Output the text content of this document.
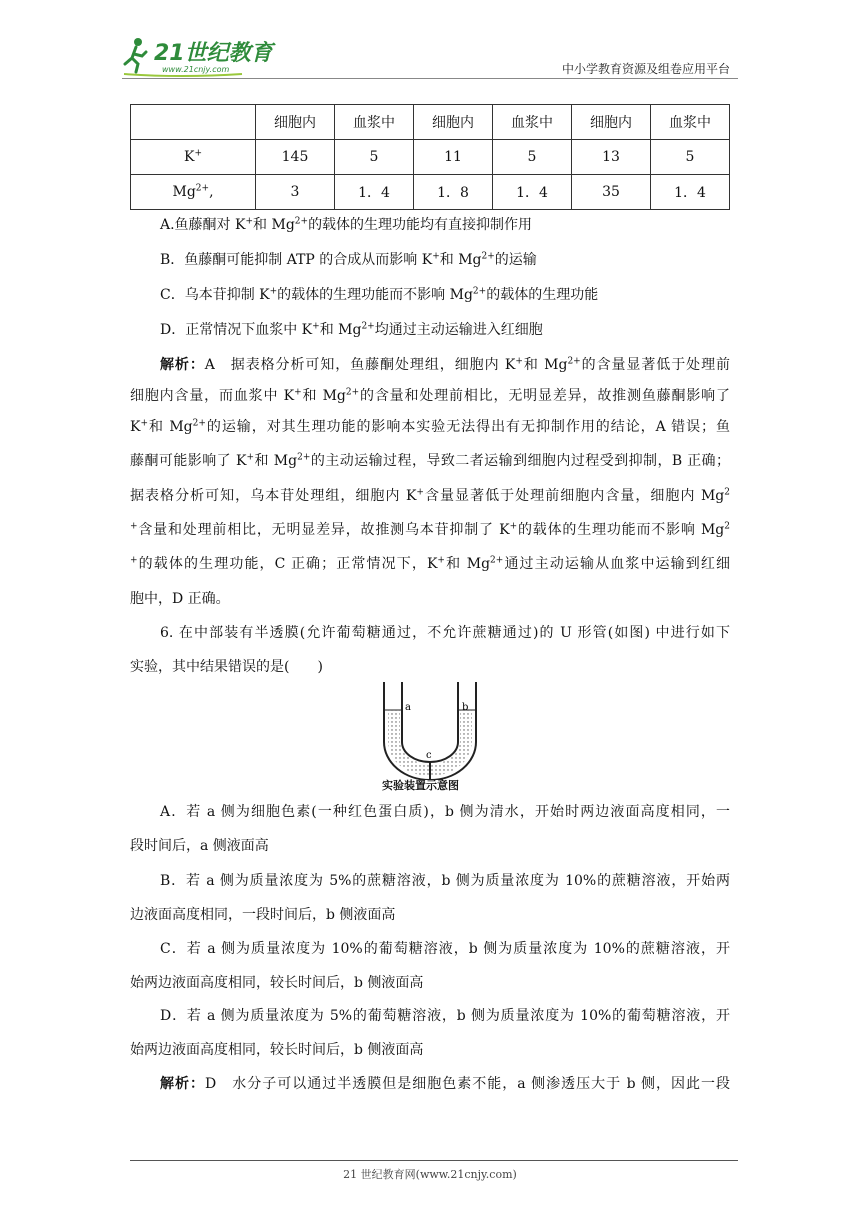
21世纪教育
www.21cnjy.com	中小学教育资源及组卷应用平台
	细胞内	血浆中	细胞内	血浆中	细胞内	血浆中
K+	145	5	11	5	13	5
$Mg^{2+}$,	3	1．4	1．8	1．4	35	1．4
A.鱼藤酮对 K+和 $Mg^{2+}$的载体的生理功能均有直接抑制作用
B．鱼藤酮可能抑制 ATP 的合成从而影响 K+和 $Mg^{2+}$的运输
C．乌本苷抑制 K+的载体的生理功能而不影响 $Mg^{2+}$的载体的生理功能
D．正常情况下血浆中 K+和 $Mg^{2+}$均通过主动运输进入红细胞
解析：A　据表格分析可知，鱼藤酮处理组，细胞内 K+和 $Mg^{2+}$的含量显著低于处理前
细胞内含量，而血浆中 K+和 $Mg^{2+}$的含量和处理前相比，无明显差异，故推测鱼藤酮影响了
K+和 $Mg^{2+}$的运输，对其生理功能的影响本实验无法得出有无抑制作用的结论，A 错误；鱼
藤酮可能影响了 K+和 $Mg^{2+}$的主动运输过程，导致二者运输到细胞内过程受到抑制，B 正确；
据表格分析可知，乌本苷处理组，细胞内 K+含量显著低于处理前细胞内含量，细胞内 Mg$^2$
+含量和处理前相比，无明显差异，故推测乌本苷抑制了 K+的载体的生理功能而不影响 Mg$^2$
+的载体的生理功能，C 正确；正常情况下，K+和 $Mg^{2+}$通过主动运输从血浆中运输到红细
胞中，D 正确。
6. 在中部装有半透膜(允许葡萄糖通过，不允许蔗糖通过)的 U 形管(如图) 中进行如下
实验，其中结果错误的是(　　)
a	b
c
实验装置示意图
A．若 a 侧为细胞色素(一种红色蛋白质)，b 侧为清水，开始时两边液面高度相同，一
段时间后，a 侧液面高
B．若 a 侧为质量浓度为 5%的蔗糖溶液，b 侧为质量浓度为 10%的蔗糖溶液，开始两
边液面高度相同，一段时间后，b 侧液面高
C．若 a 侧为质量浓度为 10%的葡萄糖溶液，b 侧为质量浓度为 10%的蔗糖溶液，开
始两边液面高度相同，较长时间后，b 侧液面高
D．若 a 侧为质量浓度为 5%的葡萄糖溶液，b 侧为质量浓度为 10%的葡萄糖溶液，开
始两边液面高度相同，较长时间后，b 侧液面高
解析：D　水分子可以通过半透膜但是细胞色素不能，a 侧渗透压大于 b 侧，因此一段
21 世纪教育网(www.21cnjy.com)
